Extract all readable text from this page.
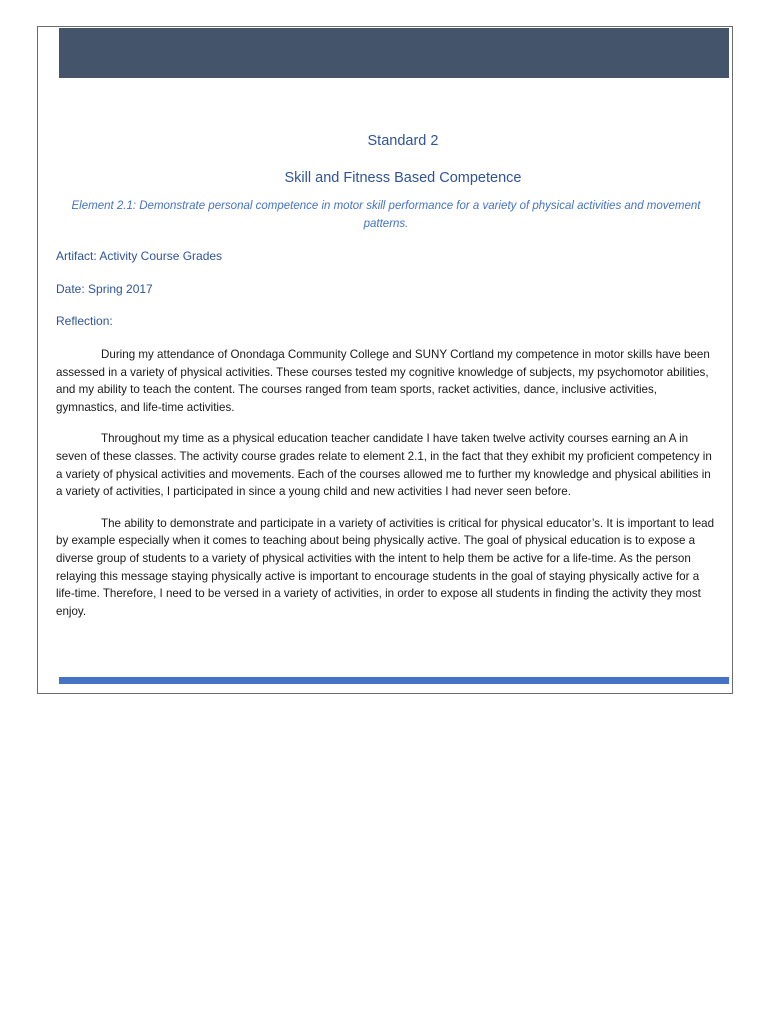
Standard 2

Skill and Fitness Based Competence

Element 2.1: Demonstrate personal competence in motor skill performance for a variety of physical activities and movement patterns.

Artifact: Activity Course Grades

Date: Spring 2017

Reflection:

During my attendance of Onondaga Community College and SUNY Cortland my competence in motor skills have been assessed in a variety of physical activities. These courses tested my cognitive knowledge of subjects, my psychomotor abilities, and my ability to teach the content. The courses ranged from team sports, racket activities, dance, inclusive activities, gymnastics, and life-time activities.

Throughout my time as a physical education teacher candidate I have taken twelve activity courses earning an A in seven of these classes. The activity course grades relate to element 2.1, in the fact that they exhibit my proficient competency in a variety of physical activities and movements. Each of the courses allowed me to further my knowledge and physical abilities in a variety of activities, I participated in since a young child and new activities I had never seen before.

The ability to demonstrate and participate in a variety of activities is critical for physical educator’s. It is important to lead by example especially when it comes to teaching about being physically active. The goal of physical education is to expose a diverse group of students to a variety of physical activities with the intent to help them be active for a life-time. As the person relaying this message staying physically active is important to encourage students in the goal of staying physically active for a life-time. Therefore, I need to be versed in a variety of activities, in order to expose all students in finding the activity they most enjoy.
